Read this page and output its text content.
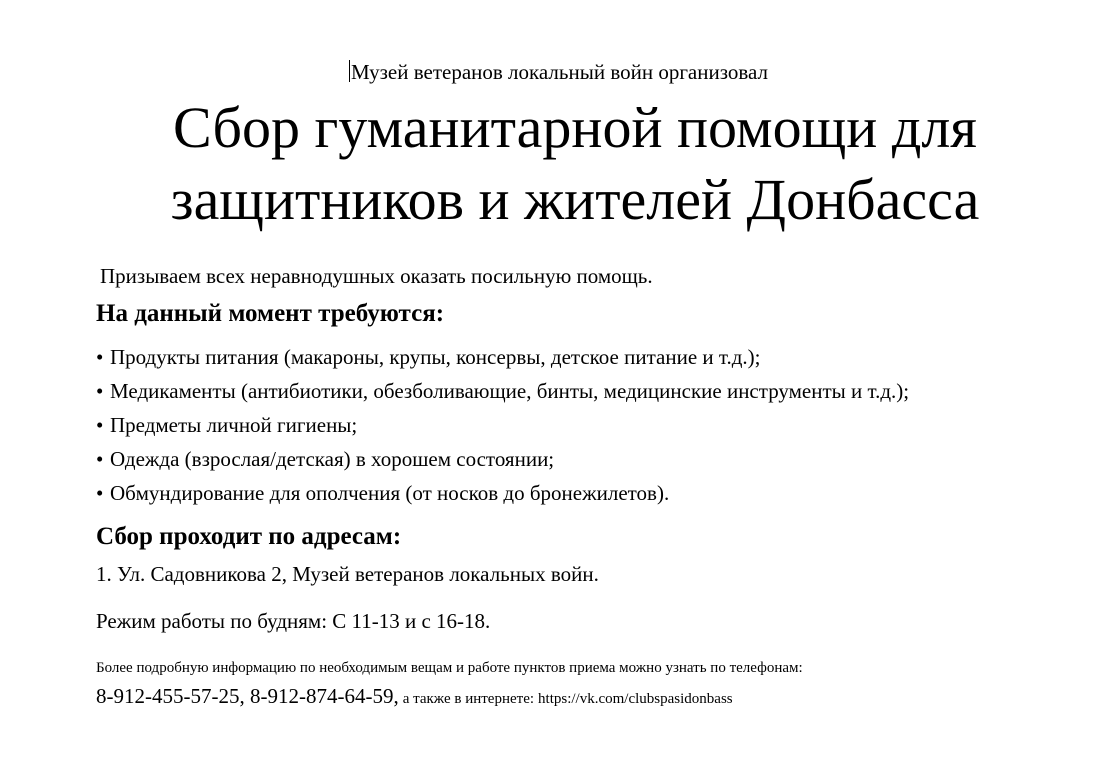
Музей ветеранов локальный войн организовал
Сбор гуманитарной помощи для
защитников и жителей Донбасса
Призываем всех неравнодушных оказать посильную помощь.
На данный момент требуются:
• Продукты питания (макароны, крупы, консервы, детское питание и т.д.);
• Медикаменты (антибиотики, обезболивающие, бинты, медицинские инструменты и т.д.);
• Предметы личной гигиены;
• Одежда (взрослая/детская) в хорошем состоянии;
• Обмундирование для ополчения (от носков до бронежилетов).
Сбор проходит по адресам:
1. Ул. Садовникова 2, Музей ветеранов локальных войн.
Режим работы по будням: С 11-13 и с 16-18.
Более подробную информацию по необходимым вещам и работе пунктов приема можно узнать по телефонам:
8-912-455-57-25, 8-912-874-64-59, а также в интернете: https://vk.com/clubspasidonbass
